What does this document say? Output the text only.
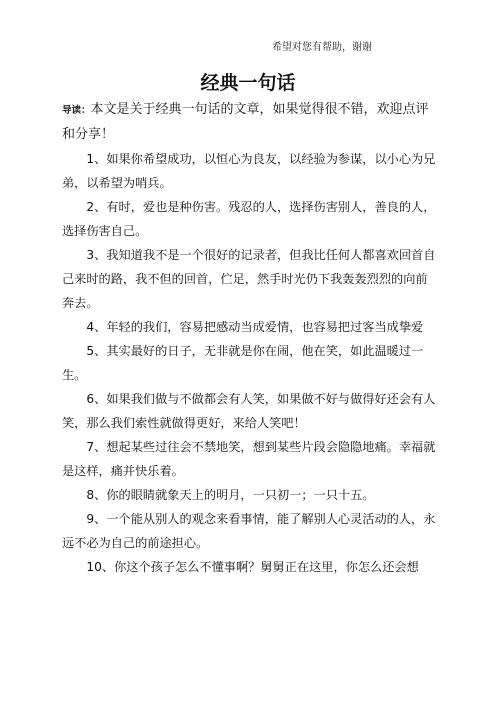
希望对您有帮助，谢谢
经典一句话

导读：本文是关于经典一句话的文章，如果觉得很不错，欢迎点评和分享！

1、如果你希望成功，以恒心为良友，以经验为参谋，以小心为兄弟，以希望为哨兵。

2、有时，爱也是种伤害。残忍的人，选择伤害别人，善良的人，选择伤害自己。

3、我知道我不是一个很好的记录者，但我比任何人都喜欢回首自己来时的路，我不但的回首，伫足，然手时光仍下我轰轰烈烈的向前奔去。

4、年轻的我们，容易把感动当成爱情，也容易把过客当成挚爱

5、其实最好的日子，无非就是你在闹，他在笑，如此温暖过一生。

6、如果我们做与不做都会有人笑，如果做不好与做得好还会有人笑，那么我们索性就做得更好，来给人笑吧！

7、想起某些过往会不禁地笑，想到某些片段会隐隐地痛。幸福就是这样，痛并快乐着。

8、你的眼睛就象天上的明月，一只初一；一只十五。

9、一个能从别人的观念来看事情，能了解别人心灵活动的人，永远不必为自己的前途担心。

10、你这个孩子怎么不懂事啊？舅舅正在这里，你怎么还会想
